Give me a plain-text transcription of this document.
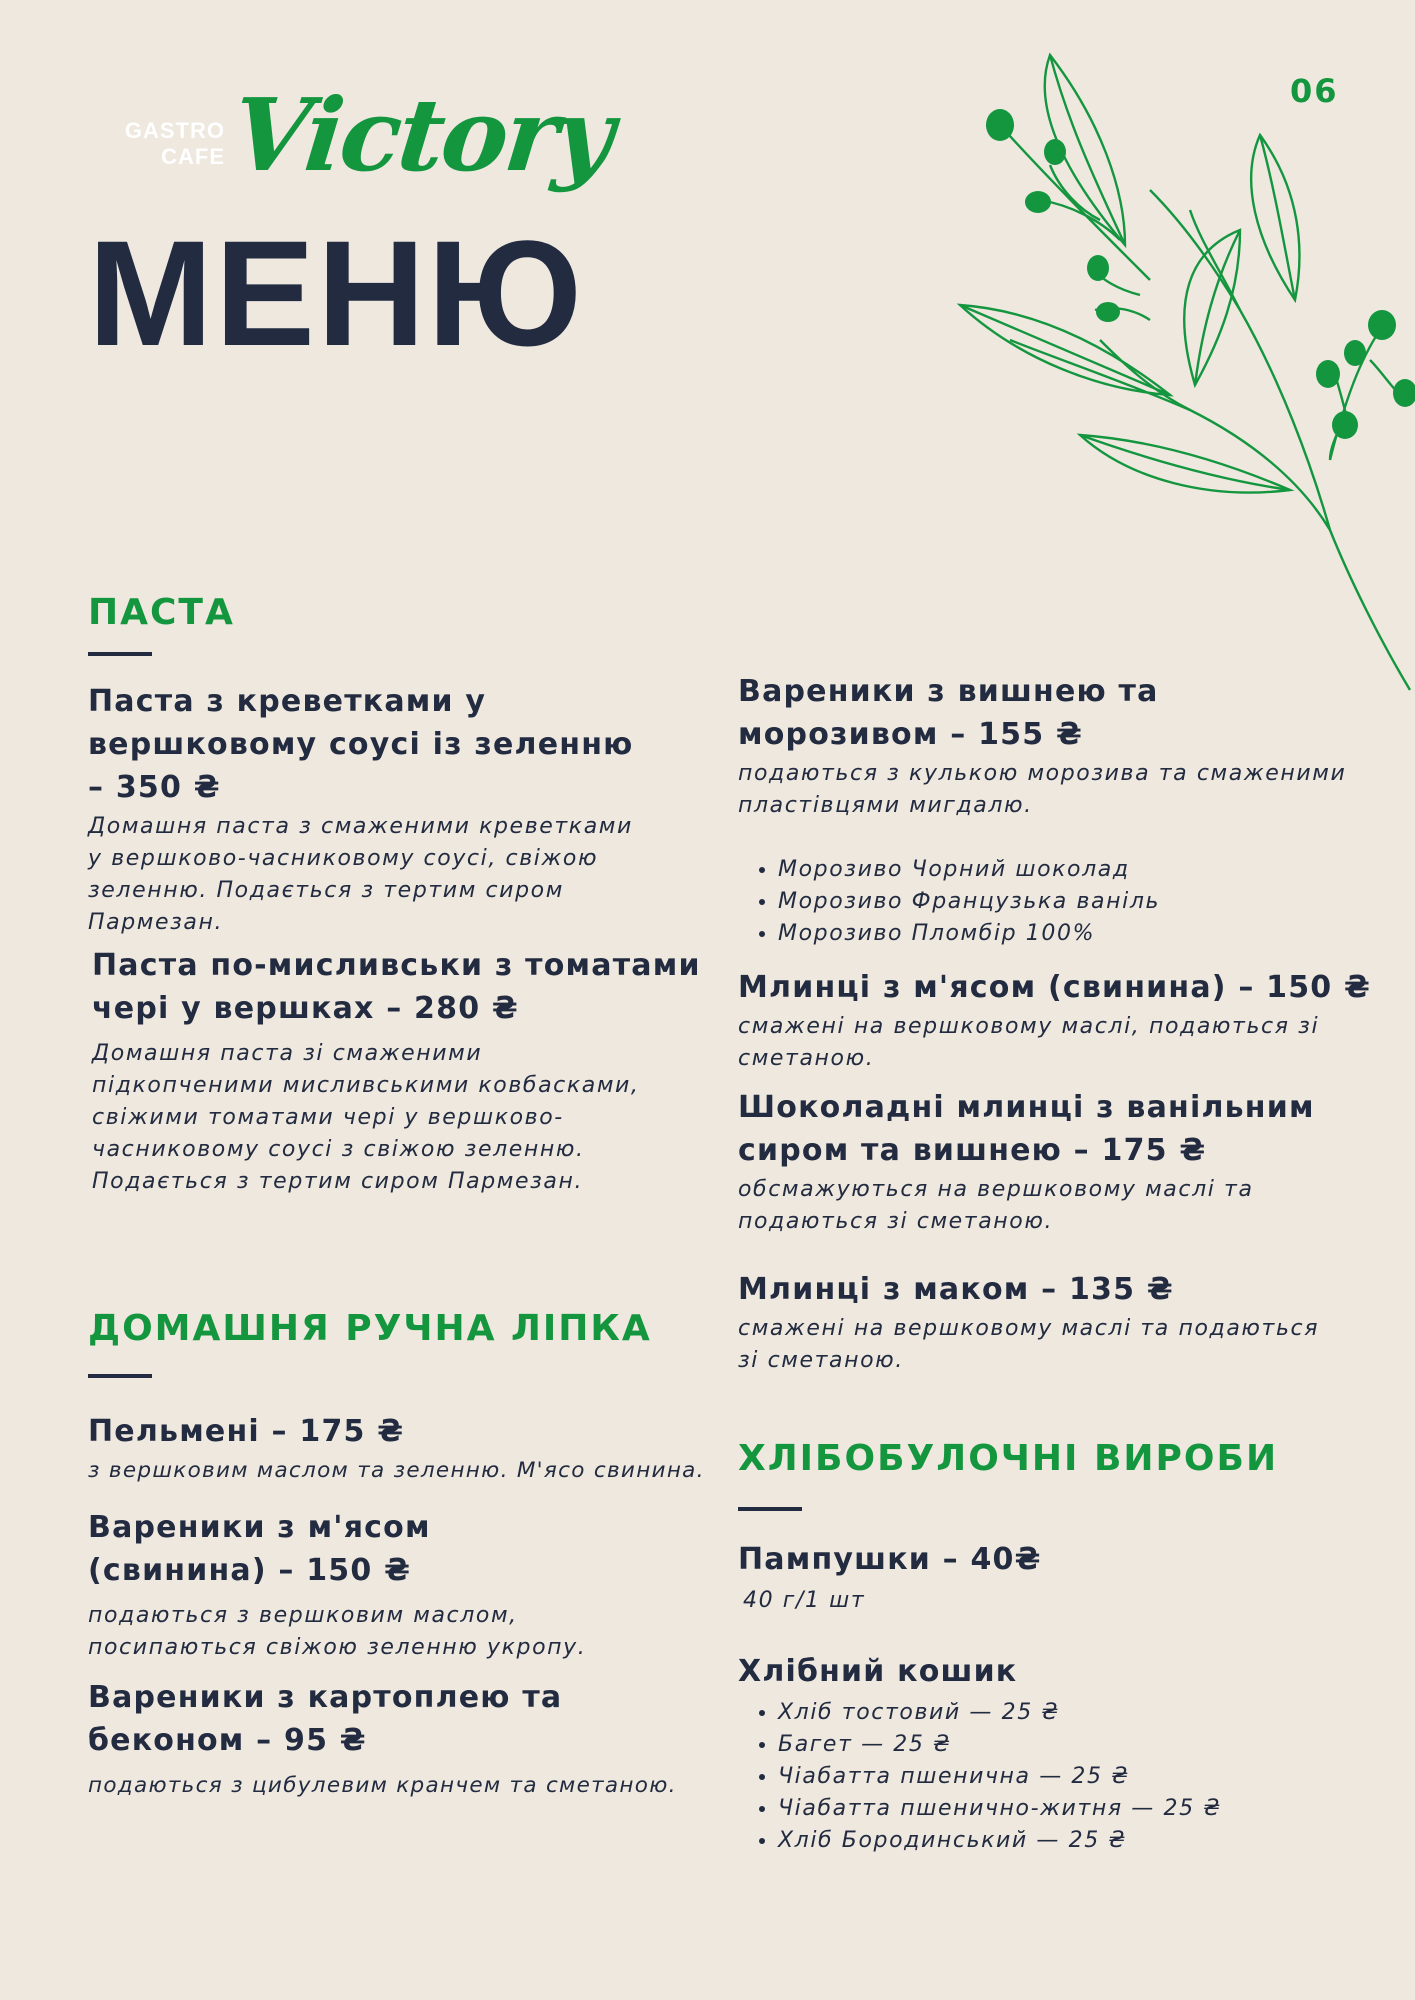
06
GASTRO
CAFE Victory
МЕНЮ
ПАСТА
Паста з креветками у вершковому соусі із зеленню – 350 ₴
Домашня паста з смаженими креветками у вершково-часниковому соусі, свіжою зеленню. Подається з тертим сиром Пармезан.
Паста по-мисливськи з томатами чері у вершках – 280 ₴
Домашня паста зі смаженими підкопченими мисливськими ковбасками, свіжими томатами чері у вершково-часниковому соусі з свіжою зеленню. Подається з тертим сиром Пармезан.
ДОМАШНЯ РУЧНА ЛІПКА
Пельмені – 175 ₴
з вершковим маслом та зеленню. М'ясо свинина.
Вареники з м'ясом (свинина) – 150 ₴
подаються з вершковим маслом, посипаються свіжою зеленню укропу.
Вареники з картоплею та беконом – 95 ₴
подаються з цибулевим кранчем та сметаною.
Вареники з вишнею та морозивом – 155 ₴
подаються з кулькою морозива та смаженими пластівцями мигдалю.
• Морозиво Чорний шоколад
• Морозиво Французька ваніль
• Морозиво Пломбір 100%
Млинці з м'ясом (свинина) – 150 ₴
смажені на вершковому маслі, подаються зі сметаною.
Шоколадні млинці з ванільним сиром та вишнею – 175 ₴
обсмажуються на вершковому маслі та подаються зі сметаною.
Млинці з маком – 135 ₴
смажені на вершковому маслі та подаються зі сметаною.
ХЛІБОБУЛОЧНІ ВИРОБИ
Пампушки – 40₴
40 г/1 шт
Хлібний кошик
• Хліб тостовий — 25 ₴
• Багет — 25 ₴
• Чіабатта пшенична — 25 ₴
• Чіабатта пшенично-житня — 25 ₴
• Хліб Бородинський — 25 ₴
